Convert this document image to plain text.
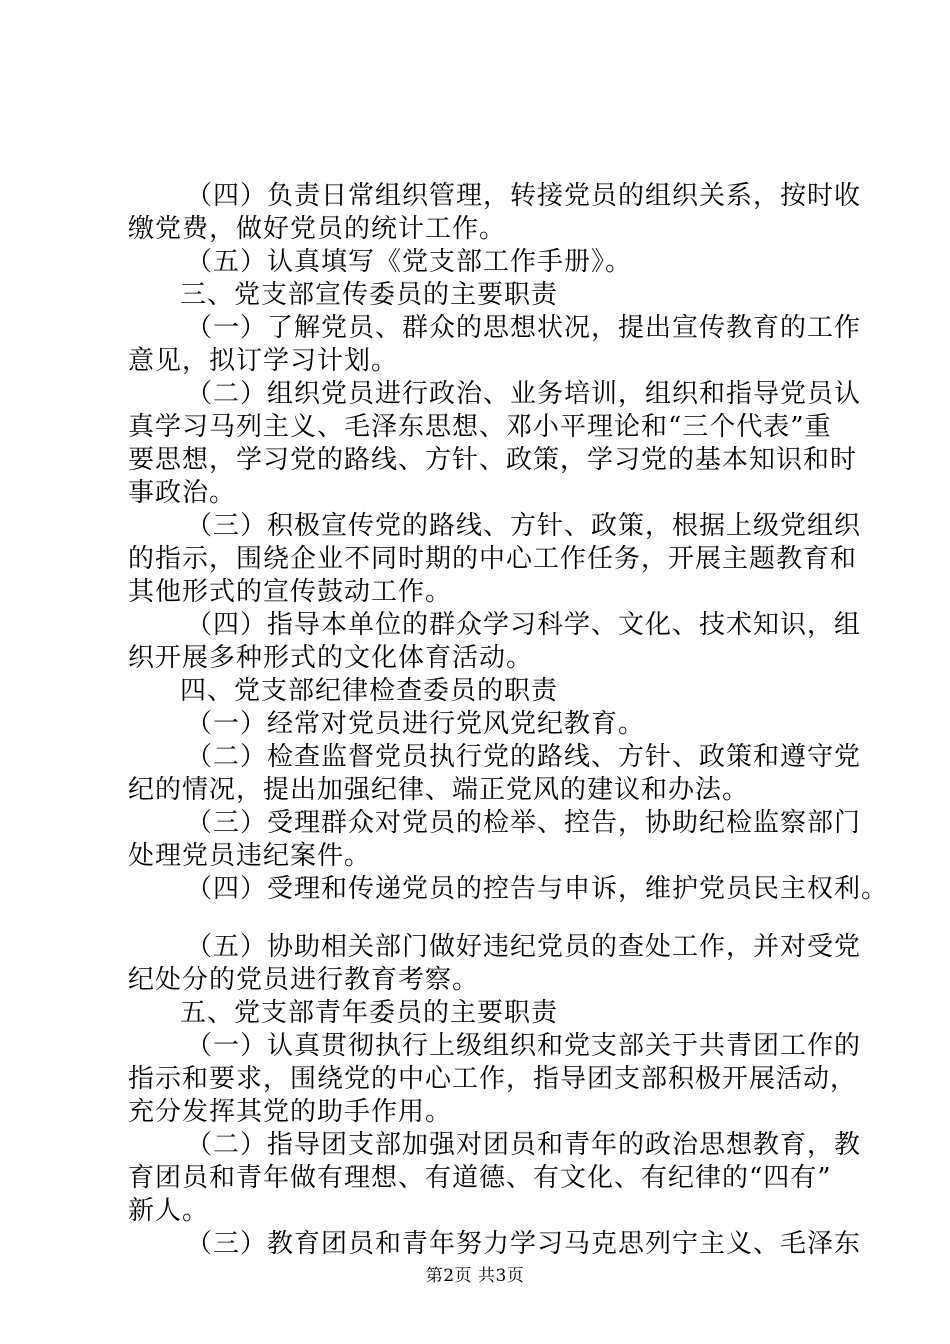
（四）负责日常组织管理，转接党员的组织关系，按时收
缴党费，做好党员的统计工作。
（五）认真填写《党支部工作手册》。
三、党支部宣传委员的主要职责
（一）了解党员、群众的思想状况，提出宣传教育的工作
意见，拟订学习计划。
（二）组织党员进行政治、业务培训，组织和指导党员认
真学习马列主义、毛泽东思想、邓小平理论和“三个代表”重
要思想，学习党的路线、方针、政策，学习党的基本知识和时
事政治。
（三）积极宣传党的路线、方针、政策，根据上级党组织
的指示，围绕企业不同时期的中心工作任务，开展主题教育和
其他形式的宣传鼓动工作。
（四）指导本单位的群众学习科学、文化、技术知识，组
织开展多种形式的文化体育活动。
四、党支部纪律检查委员的职责
（一）经常对党员进行党风党纪教育。
（二）检查监督党员执行党的路线、方针、政策和遵守党
纪的情况，提出加强纪律、端正党风的建议和办法。
（三）受理群众对党员的检举、控告，协助纪检监察部门
处理党员违纪案件。
（四）受理和传递党员的控告与申诉，维护党员民主权利。
（五）协助相关部门做好违纪党员的查处工作，并对受党
纪处分的党员进行教育考察。
五、党支部青年委员的主要职责
（一）认真贯彻执行上级组织和党支部关于共青团工作的
指示和要求，围绕党的中心工作，指导团支部积极开展活动，
充分发挥其党的助手作用。
（二）指导团支部加强对团员和青年的政治思想教育，教
育团员和青年做有理想、有道德、有文化、有纪律的“四有”
新人。
（三）教育团员和青年努力学习马克思列宁主义、毛泽东
第2页 共3页
